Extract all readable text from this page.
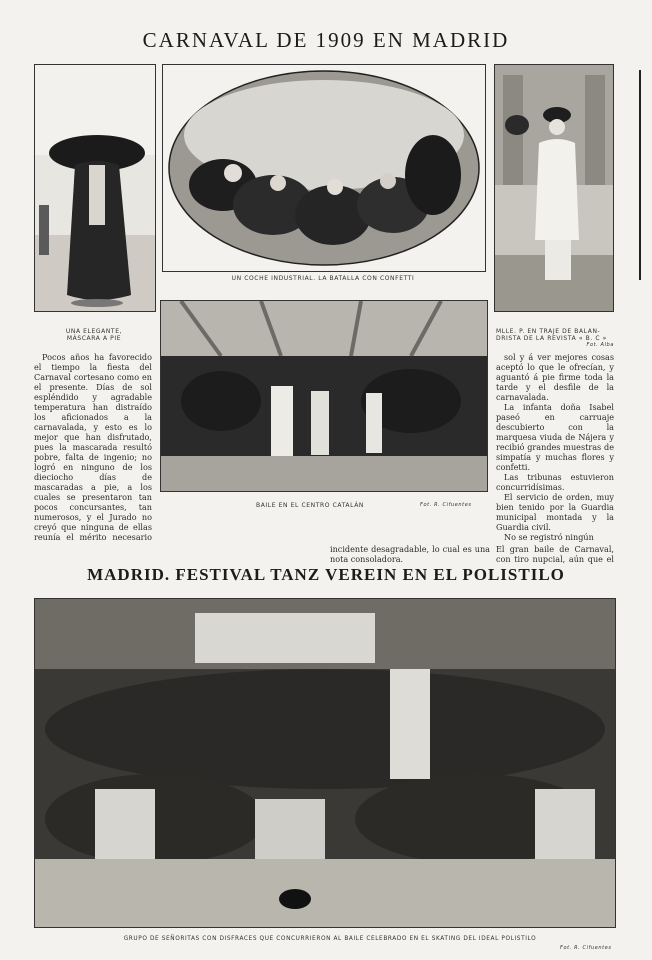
CARNAVAL DE 1909 EN MADRID
UN COCHE INDUSTRIAL. LA BATALLA CON CONFETTI
UNA ELEGANTE,
MÁSCARA A PIE
MLLE. P. EN TRAJE DE BALAN-
DRISTA DE LA REVISTA « B. C »
Fot. Alba
BAILE EN EL CENTRO CATALÁN	Fot. R. Cifuentes

Pocos años ha favorecido el tiempo la fiesta del Carnaval cortesano como en el presente. Días de sol espléndido y agradable temperatura han distraído los aficionados a la carnavalada, y esto es lo mejor que han disfrutado, pues la mascarada resultó pobre, falta de ingenio; no logró en ninguno de los dieciocho días de mascaradas a pie, a los cuales se presentaron tan pocos concursantes, tan numerosos, y el Jurado no creyó que ninguna de ellas reunía el mérito necesario

sol y á ver mejores cosas aceptó lo que le ofrecían, y aguantó á pie firme toda la tarde y el desfile de la carnavalada.

La infanta doña Isabel paseó en carruaje descubierto con la marquesa viuda de Nájera y recibió grandes muestras de simpatía y muchas flores y confetti.

Las tribunas estuvieron concurridísimas.

El servicio de orden, muy bien tenido por la Guardia municipal montada y la Guardia civil.

No se registró ningún

incidente desagradable, lo cual es una nota consoladora.
El gran baile de Carnaval, con tiro nupcial, aún que el
MADRID. FESTIVAL TANZ VEREIN EN EL POLISTILO
GRUPO DE SEÑORITAS CON DISFRACES QUE CONCURRIERON AL BAILE CELEBRADO EN EL SKATING DEL IDEAL POLISTILO
Fot. R. Cifuentes
